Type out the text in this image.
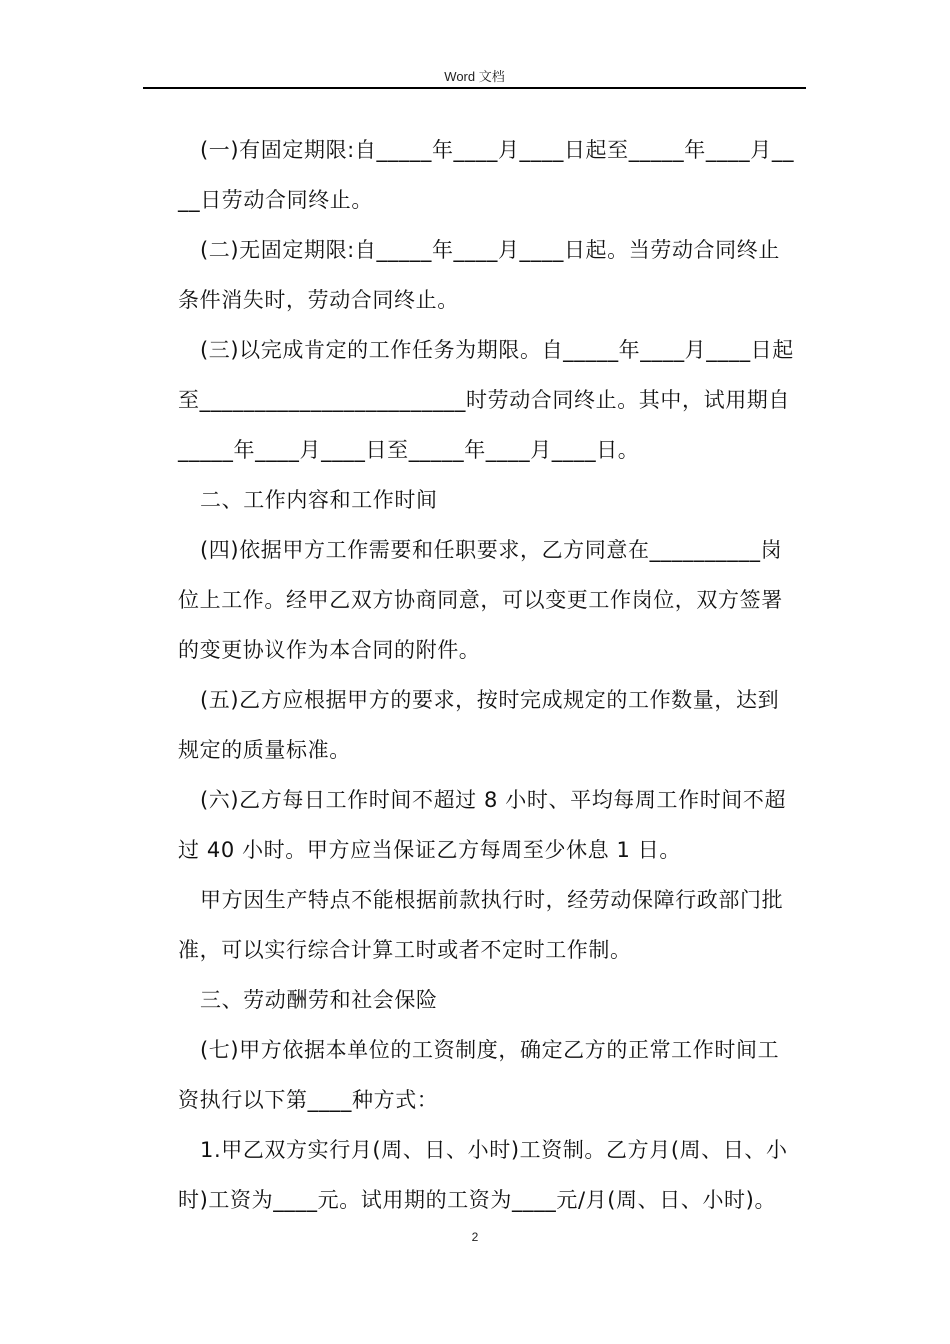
Word 文档

(一)有固定期限:自_____年____月____日起至_____年____月____日劳动合同终止。

(二)无固定期限:自_____年____月____日起。当劳动合同终止条件消失时，劳动合同终止。

(三)以完成肯定的工作任务为期限。自_____年____月____日起至________________________时劳动合同终止。其中，试用期自_____年____月____日至_____年____月____日。

二、工作内容和工作时间

(四)依据甲方工作需要和任职要求，乙方同意在__________岗位上工作。经甲乙双方协商同意，可以变更工作岗位，双方签署的变更协议作为本合同的附件。

(五)乙方应根据甲方的要求，按时完成规定的工作数量，达到规定的质量标准。

(六)乙方每日工作时间不超过 8 小时、平均每周工作时间不超过 40 小时。甲方应当保证乙方每周至少休息 1 日。

甲方因生产特点不能根据前款执行时，经劳动保障行政部门批准，可以实行综合计算工时或者不定时工作制。

三、劳动酬劳和社会保险

(七)甲方依据本单位的工资制度，确定乙方的正常工作时间工资执行以下第____种方式：

1.甲乙双方实行月(周、日、小时)工资制。乙方月(周、日、小时)工资为____元。试用期的工资为____元/月(周、日、小时)。

2
